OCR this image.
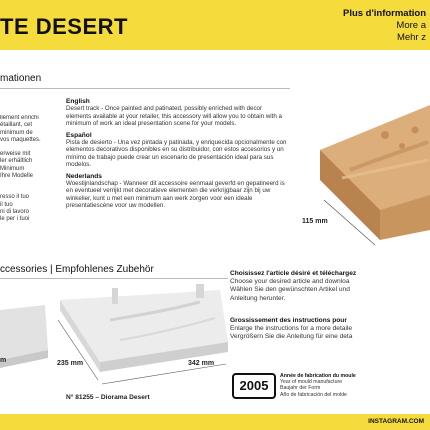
TE DESERT
Plus d'information
More a
Mehr z
mationen
llement enrichi
étaillant, cet
minimum de
vos maquettes.
erweise mit
ler erhältlich
Minimum
Ihre Modelle
resso il tuo
il tuo
ni di lavoro
le per i tuoi
English

Desert track - Once painted and patinated, possibly enriched with decor elements available at your retailer, this accessory will allow you to obtain with a minimum of work an ideal presentation scene for your models.

Español

Pista de desierto - Una vez pintada y patinada, y enriquecida opcionalmente con elementos decorativos disponibles en su distribuidor, con estos accesorios y un mínimo de trabajo puede crear un escenario de presentación ideal para sus modelos.

Nederlands

Woestijnlandschap - Wanneer dit accessoire eenmaal geverfd en gepatineerd is en eventueel verrijkt met decoratieve elementen die verkrijgbaar zijn bij uw winkelier, kunt u met een minimum aan werk zorgen voor een ideale presentatiescène voor uw modellen.

115 mm
ccessories | Empfohlenes Zubehör
m	235 mm	342 mm
N° 81255 – Diorama Desert
Choisissez l'article désiré et téléchargez
Choose your desired article and downloa
Wählen Sie den gewünschten Artikel und
Anleitung herunter.
Grossissement des instructions pour
Enlarge the instructions for a more detaile
Vergrößern Sie die Anleitung für eine deta
2005
Année de fabrication du moule
Year of mould manufacture
Baujahr der Form
Año de fabricación del molde
INSTAGRAM.COM
